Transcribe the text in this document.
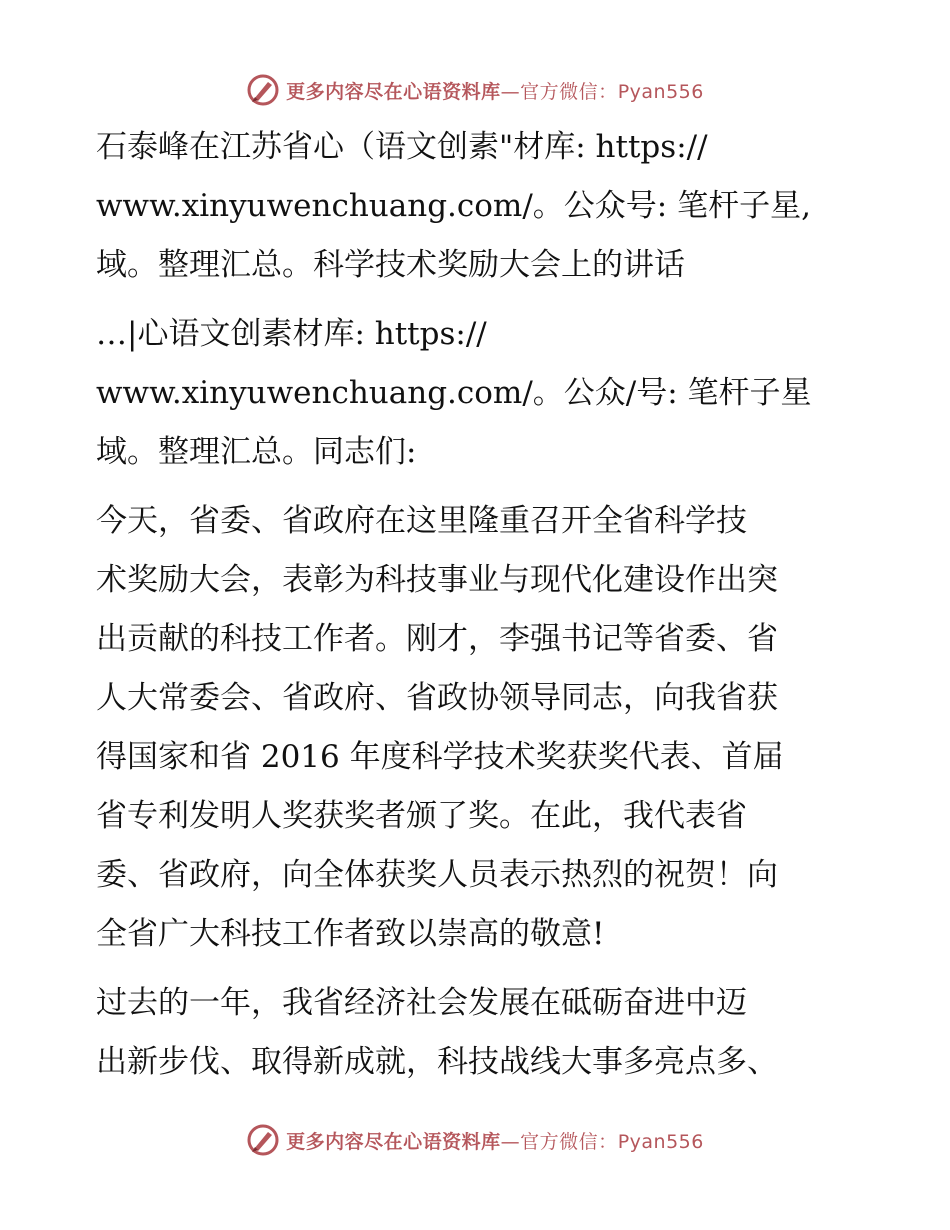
更多内容尽在心语资料库—官方微信：Pyan556
石泰峰在江苏省心（语文创素"材库: https://
www.xinyuwenchuang.com/。公众号: 笔杆子星,
域。整理汇总。科学技术奖励大会上的讲话
…|心语文创素材库: https://
www.xinyuwenchuang.com/。公众/号: 笔杆子星
域。整理汇总。同志们:
今天，省委、省政府在这里隆重召开全省科学技
术奖励大会，表彰为科技事业与现代化建设作出突
出贡献的科技工作者。刚才，李强书记等省委、省
人大常委会、省政府、省政协领导同志，向我省获
得国家和省 2016 年度科学技术奖获奖代表、首届
省专利发明人奖获奖者颁了奖。在此，我代表省
委、省政府，向全体获奖人员表示热烈的祝贺！向
全省广大科技工作者致以崇高的敬意!
过去的一年，我省经济社会发展在砥砺奋进中迈
出新步伐、取得新成就，科技战线大事多亮点多、
更多内容尽在心语资料库—官方微信：Pyan556
